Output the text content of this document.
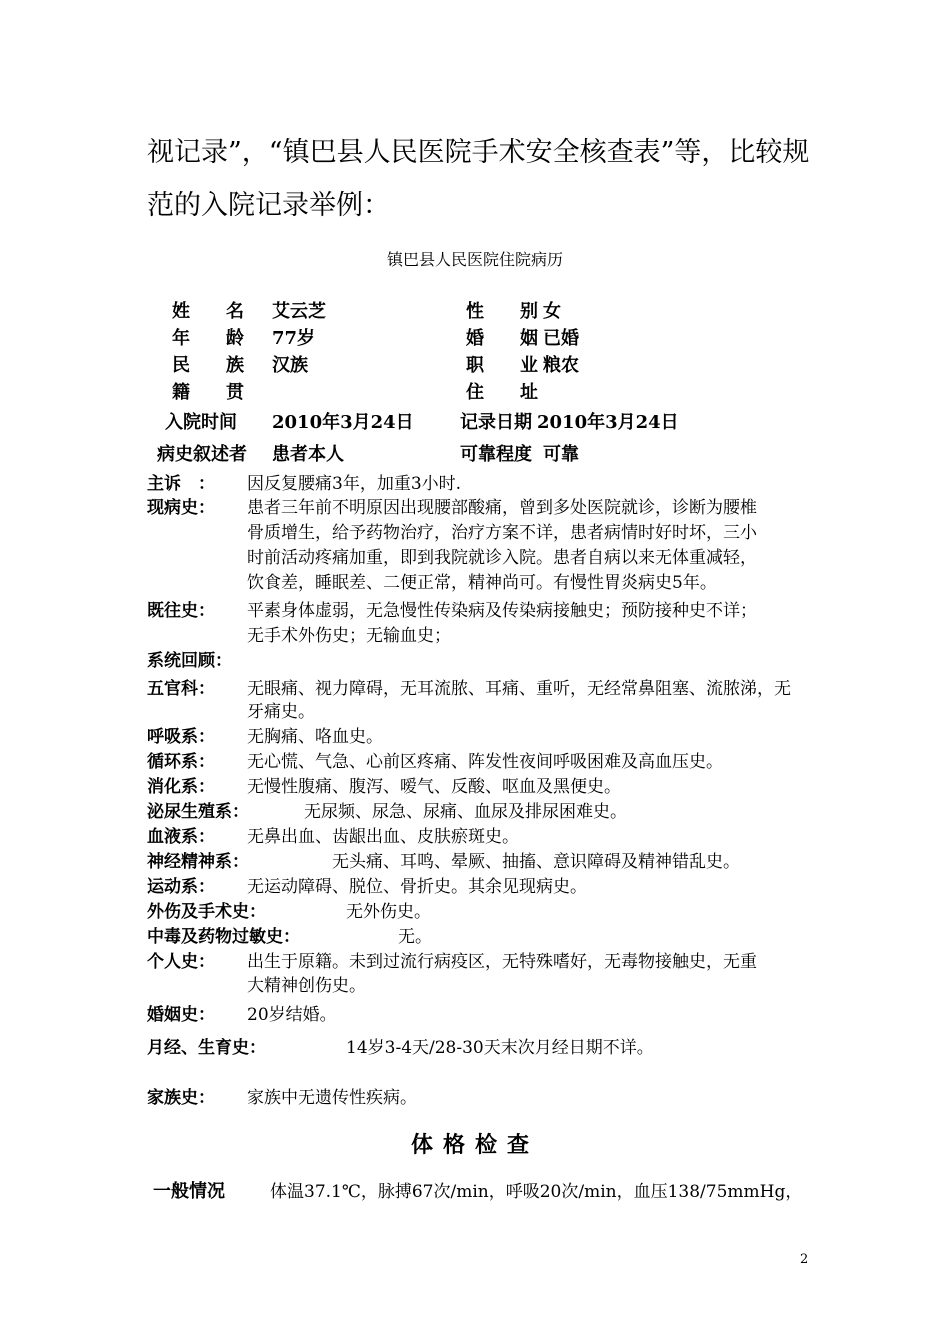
视记录”，“镇巴县人民医院手术安全核查表”等，比较规
范的入院记录举例：
镇巴县人民医院住院病历
姓　　名 艾云芝	性　　别 女
年　　龄 77岁	婚　　姻 已婚
民　　族 汉族	职　　业 粮农
籍　　贯	住　　址
入院时间 2010年3月24日	记录日期 2010年3月24日
病史叙述者 患者本人	可靠程度 可靠
主诉　： 因反复腰痛3年，加重3小时.
现病史： 患者三年前不明原因出现腰部酸痛，曾到多处医院就诊，诊断为腰椎
骨质增生，给予药物治疗，治疗方案不详，患者病情时好时坏，三小
时前活动疼痛加重，即到我院就诊入院。患者自病以来无体重减轻，
饮食差，睡眠差、二便正常，精神尚可。有慢性胃炎病史5年。
既往史： 平素身体虚弱，无急慢性传染病及传染病接触史；预防接种史不详；
无手术外伤史；无输血史；
系统回顾：
五官科： 无眼痛、视力障碍，无耳流脓、耳痛、重听，无经常鼻阻塞、流脓涕，无
牙痛史。
呼吸系： 无胸痛、咯血史。
循环系： 无心慌、气急、心前区疼痛、阵发性夜间呼吸困难及高血压史。
消化系： 无慢性腹痛、腹泻、嗳气、反酸、呕血及黑便史。
泌尿生殖系：	无尿频、尿急、尿痛、血尿及排尿困难史。
血液系： 无鼻出血、齿龈出血、皮肤瘀斑史。
神经精神系：	无头痛、耳鸣、晕厥、抽搐、意识障碍及精神错乱史。
运动系： 无运动障碍、脱位、骨折史。其余见现病史。
外伤及手术史：	无外伤史。
中毒及药物过敏史：	无。
个人史： 出生于原籍。未到过流行病疫区，无特殊嗜好，无毒物接触史，无重
大精神创伤史。
婚姻史： 20岁结婚。
月经、生育史：	14岁3-4天/28-30天末次月经日期不详。
家族史： 家族中无遗传性疾病。
体格检查
一般情况	体温37.1℃，脉搏67次/min，呼吸20次/min，血压138/75mmHg，
2
